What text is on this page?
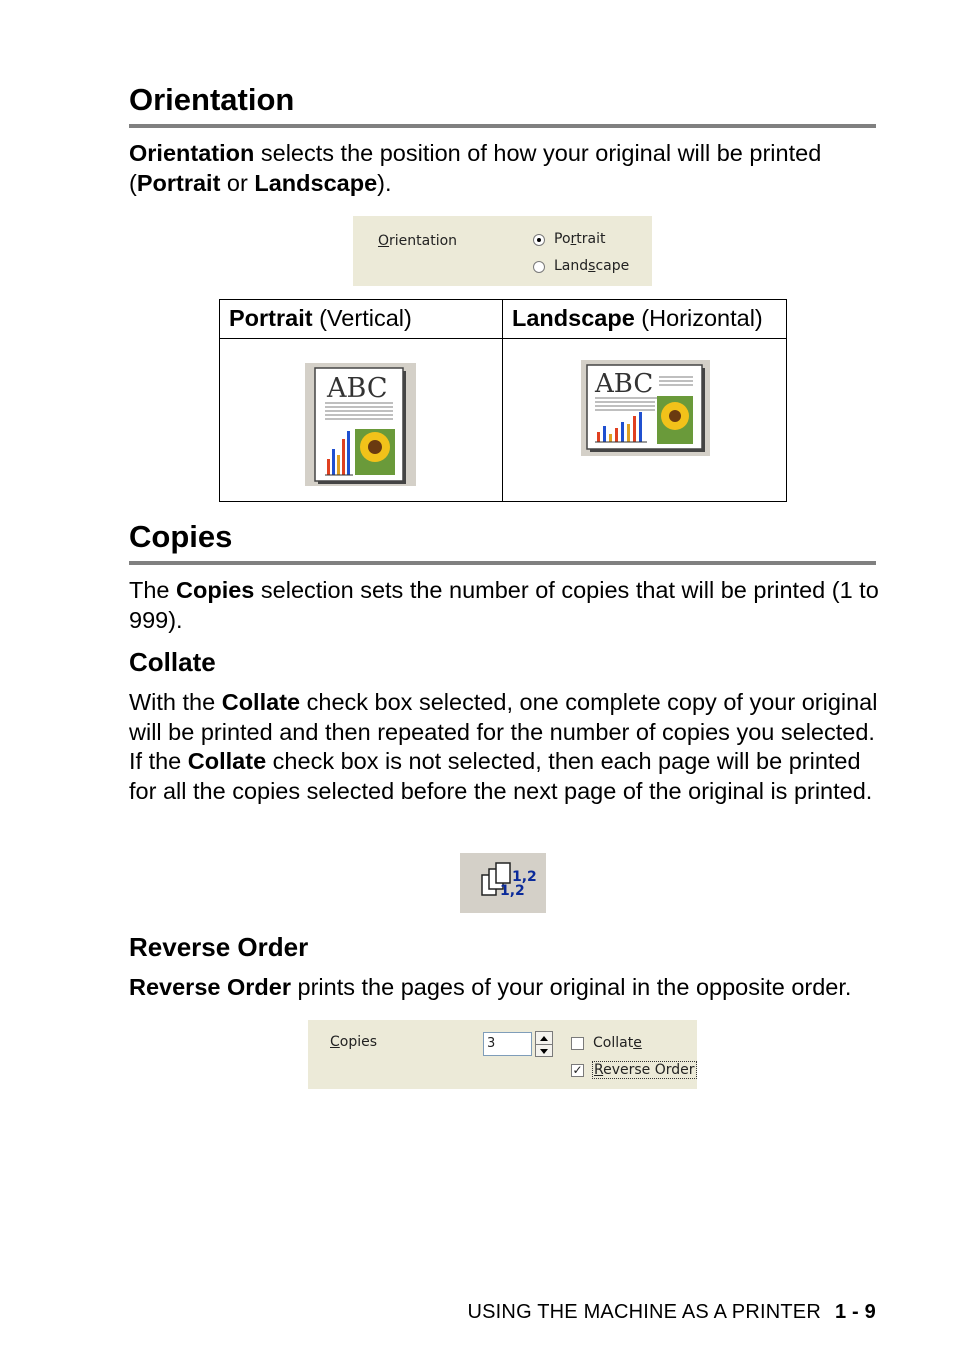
Orientation

Orientation selects the position of how your original will be printed (Portrait or Landscape).

Orientation	Portrait
Landscape
Portrait (Vertical)	Landscape (Horizontal)

ABC	ABC
Copies

The Copies selection sets the number of copies that will be printed (1 to 999).

Collate

With the Collate check box selected, one complete copy of your original will be printed and then repeated for the number of copies you selected. If the Collate check box is not selected, then each page will be printed for all the copies selected before the next page of the original is printed.

1,2
1,2
Reverse Order

Reverse Order prints the pages of your original in the opposite order.

Copies	3	Collate
✓ Reverse Order
USING THE MACHINE AS A PRINTER 1 - 9
